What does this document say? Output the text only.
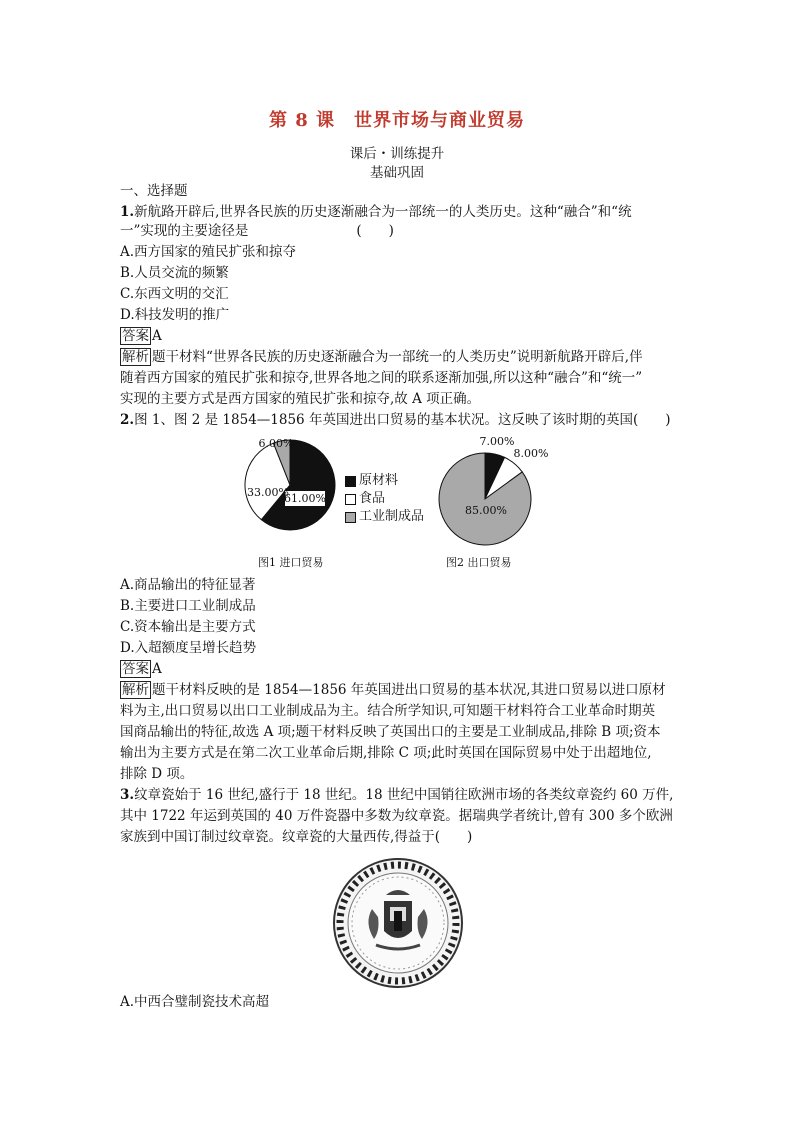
第 8 课　世界市场与商业贸易
课后・训练提升
基础巩固
一、选择题
1.新航路开辟后,世界各民族的历史逐渐融合为一部统一的人类历史。这种“融合”和“统
一”实现的主要途径是　　　　　　　　(　　)
A.西方国家的殖民扩张和掠夺
B.人员交流的频繁
C.东西文明的交汇
D.科技发明的推广
答案 A
解析 题干材料“世界各民族的历史逐渐融合为一部统一的人类历史”说明新航路开辟后,伴
随着西方国家的殖民扩张和掠夺,世界各地之间的联系逐渐加强,所以这种“融合”和“统一”
实现的主要方式是西方国家的殖民扩张和掠夺,故 A 项正确。
2.图 1、图 2 是 1854—1856 年英国进出口贸易的基本状况。这反映了该时期的英国(　　)
61.00%
33.00%
6.00%	7.00%
8.00%
85.00%
原材料
食品
工业制成品
图1 进口贸易	图2 出口贸易
A.商品输出的特征显著
B.主要进口工业制成品
C.资本输出是主要方式
D.入超额度呈增长趋势
答案 A
解析 题干材料反映的是 1854—1856 年英国进出口贸易的基本状况,其进口贸易以进口原材
料为主,出口贸易以出口工业制成品为主。结合所学知识,可知题干材料符合工业革命时期英
国商品输出的特征,故选 A 项;题干材料反映了英国出口的主要是工业制成品,排除 B 项;资本
输出为主要方式是在第二次工业革命后期,排除 C 项;此时英国在国际贸易中处于出超地位,
排除 D 项。
3.纹章瓷始于 16 世纪,盛行于 18 世纪。18 世纪中国销往欧洲市场的各类纹章瓷约 60 万件,
其中 1722 年运到英国的 40 万件瓷器中多数为纹章瓷。据瑞典学者统计,曾有 300 多个欧洲
家族到中国订制过纹章瓷。纹章瓷的大量西传,得益于(　　)
A.中西合璧制瓷技术高超
